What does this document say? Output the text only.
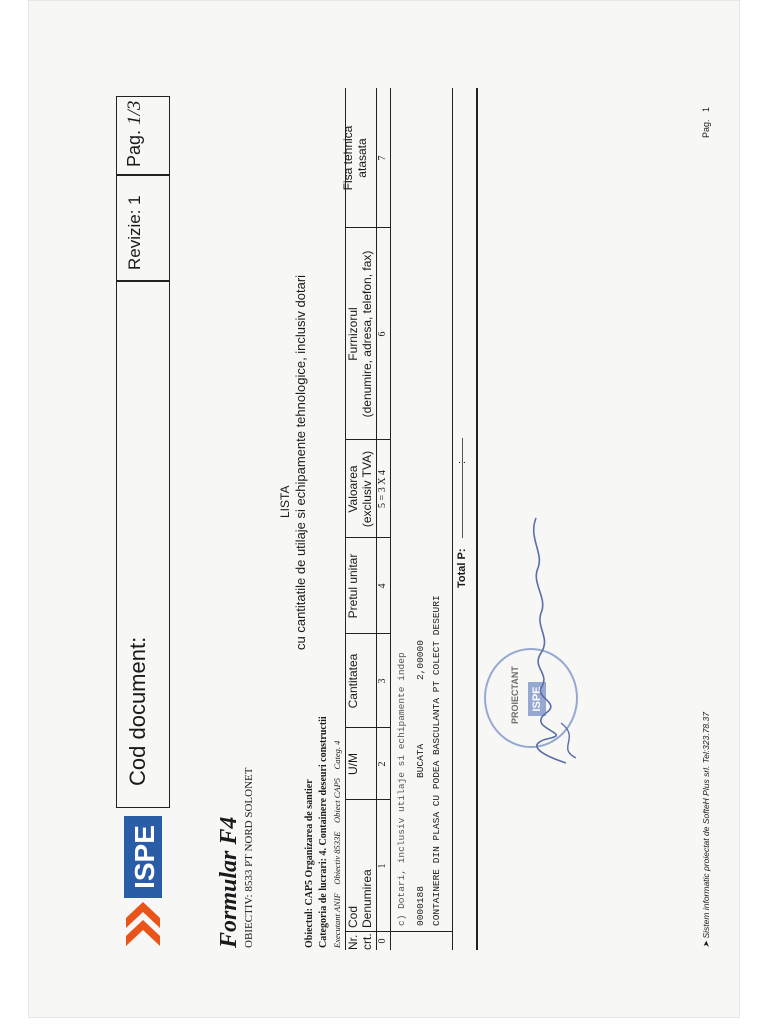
ISPE
Cod document:
Revizie: 1
Pag. 1/3
Formular F4 OBIECTIV: 8533 PT NORD SOLONET
LISTA cu cantitatile de utilaje si echipamente tehnologice, inclusiv dotari
Obiectul: CAP5 Organizarea de santier Categoria de lucrari: 4. Containere deseuri constructii Executant ANIF    Obiectiv 8533E    Obiect CAP5    Categ. 4
Nr. crt.
Cod Denumirea
U/M
Cantitatea
Pretul unitar
Valoarea (exclusiv TVA)
Furnizorul (denumire, adresa, telefon, fax)
Fisa tehnica atasata
0
1
2
3
4
5 = 3 X 4
6
7
c) Dotari, inclusiv utilaje si echipamente indep 0000188
BUCATA
2,00000 CONTAINERE DIN PLASA CU PODEA BASCULANTA PT COLECT DESEURI
Total P:
:
PROIECTANT ISPE
➤ Sistem informatic proiectat de SofteH Plus srl. Tel:323.78.37
Pag.   1
